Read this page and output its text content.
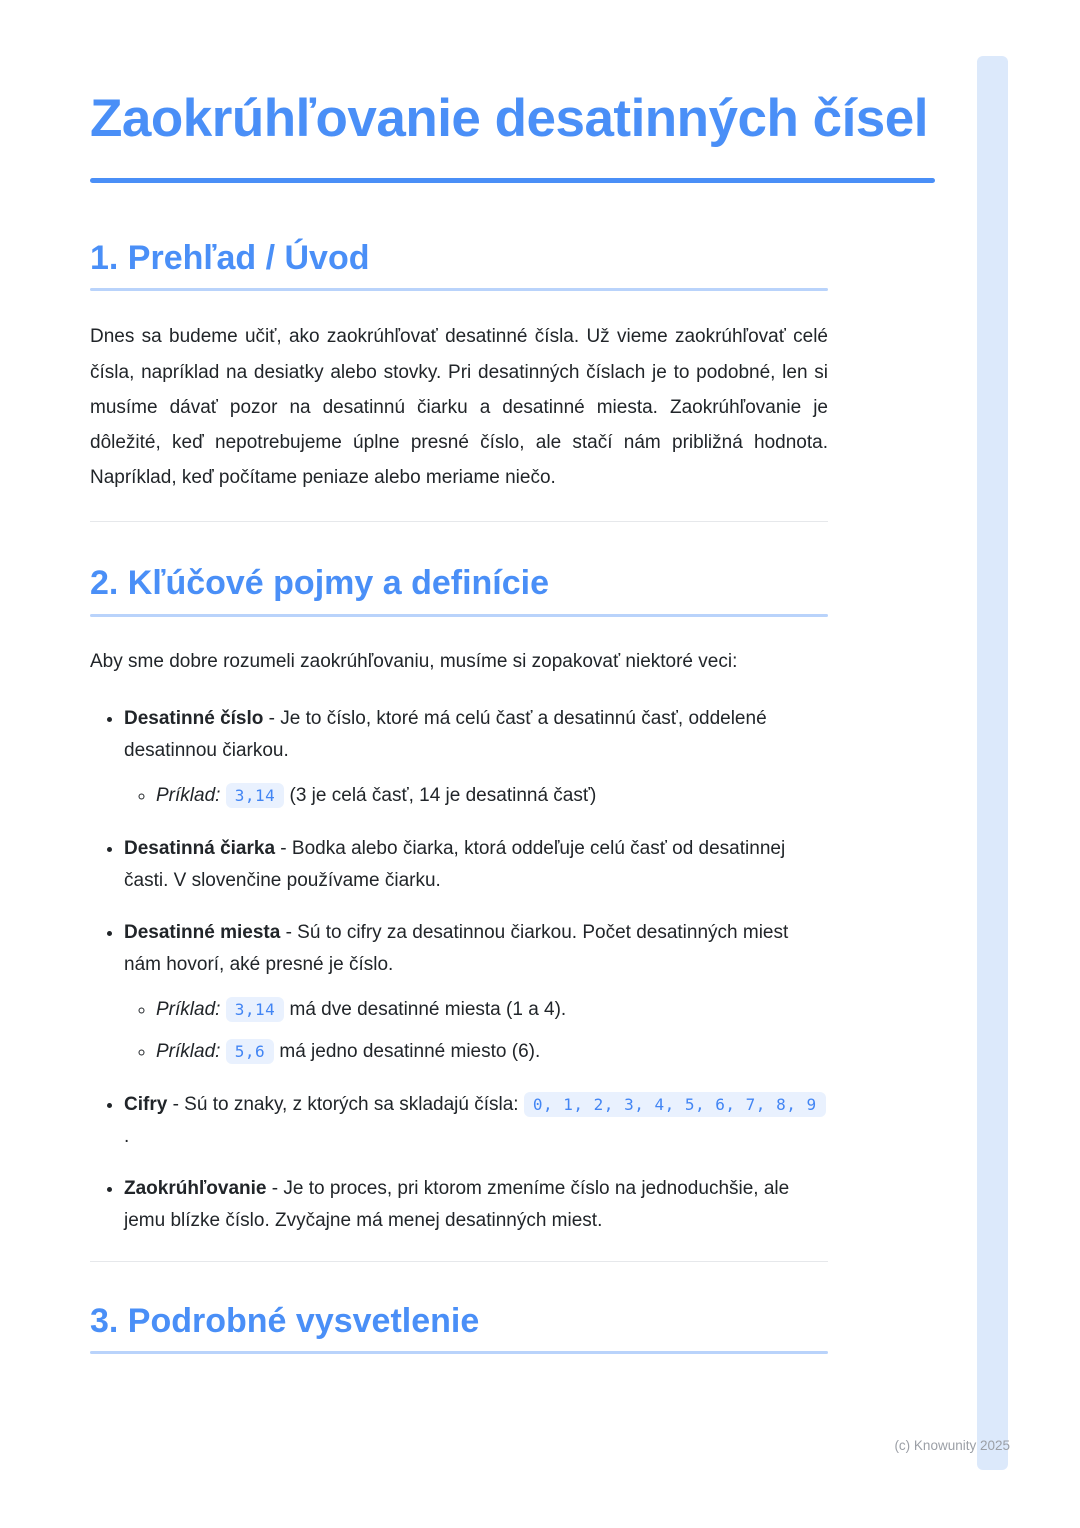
Zaokrúhľovanie desatinných čísel
1. Prehľad / Úvod

Dnes sa budeme učiť, ako zaokrúhľovať desatinné čísla. Už vieme zaokrúhľovať celé čísla, napríklad na desiatky alebo stovky. Pri desatinných číslach je to podobné, len si musíme dávať pozor na desatinnú čiarku a desatinné miesta. Zaokrúhľovanie je dôležité, keď nepotrebujeme úplne presné číslo, ale stačí nám približná hodnota. Napríklad, keď počítame peniaze alebo meriame niečo.

2. Kľúčové pojmy a definície

Aby sme dobre rozumeli zaokrúhľovaniu, musíme si zopakovať niektoré veci:

• Desatinné číslo - Je to číslo, ktoré má celú časť a desatinnú časť, oddelené desatinnou čiarkou.
◦ Príklad: 3,14 (3 je celá časť, 14 je desatinná časť)
• Desatinná čiarka - Bodka alebo čiarka, ktorá oddeľuje celú časť od desatinnej časti. V slovenčine používame čiarku.
• Desatinné miesta - Sú to cifry za desatinnou čiarkou. Počet desatinných miest nám hovorí, aké presné je číslo.
◦ Príklad: 3,14 má dve desatinné miesta (1 a 4).
◦ Príklad: 5,6 má jedno desatinné miesto (6).
• Cifry - Sú to znaky, z ktorých sa skladajú čísla: 0, 1, 2, 3, 4, 5, 6, 7, 8, 9 .
• Zaokrúhľovanie - Je to proces, pri ktorom zmeníme číslo na jednoduchšie, ale jemu blízke číslo. Zvyčajne má menej desatinných miest.
3. Podrobné vysvetlenie
(c) Knowunity 2025
